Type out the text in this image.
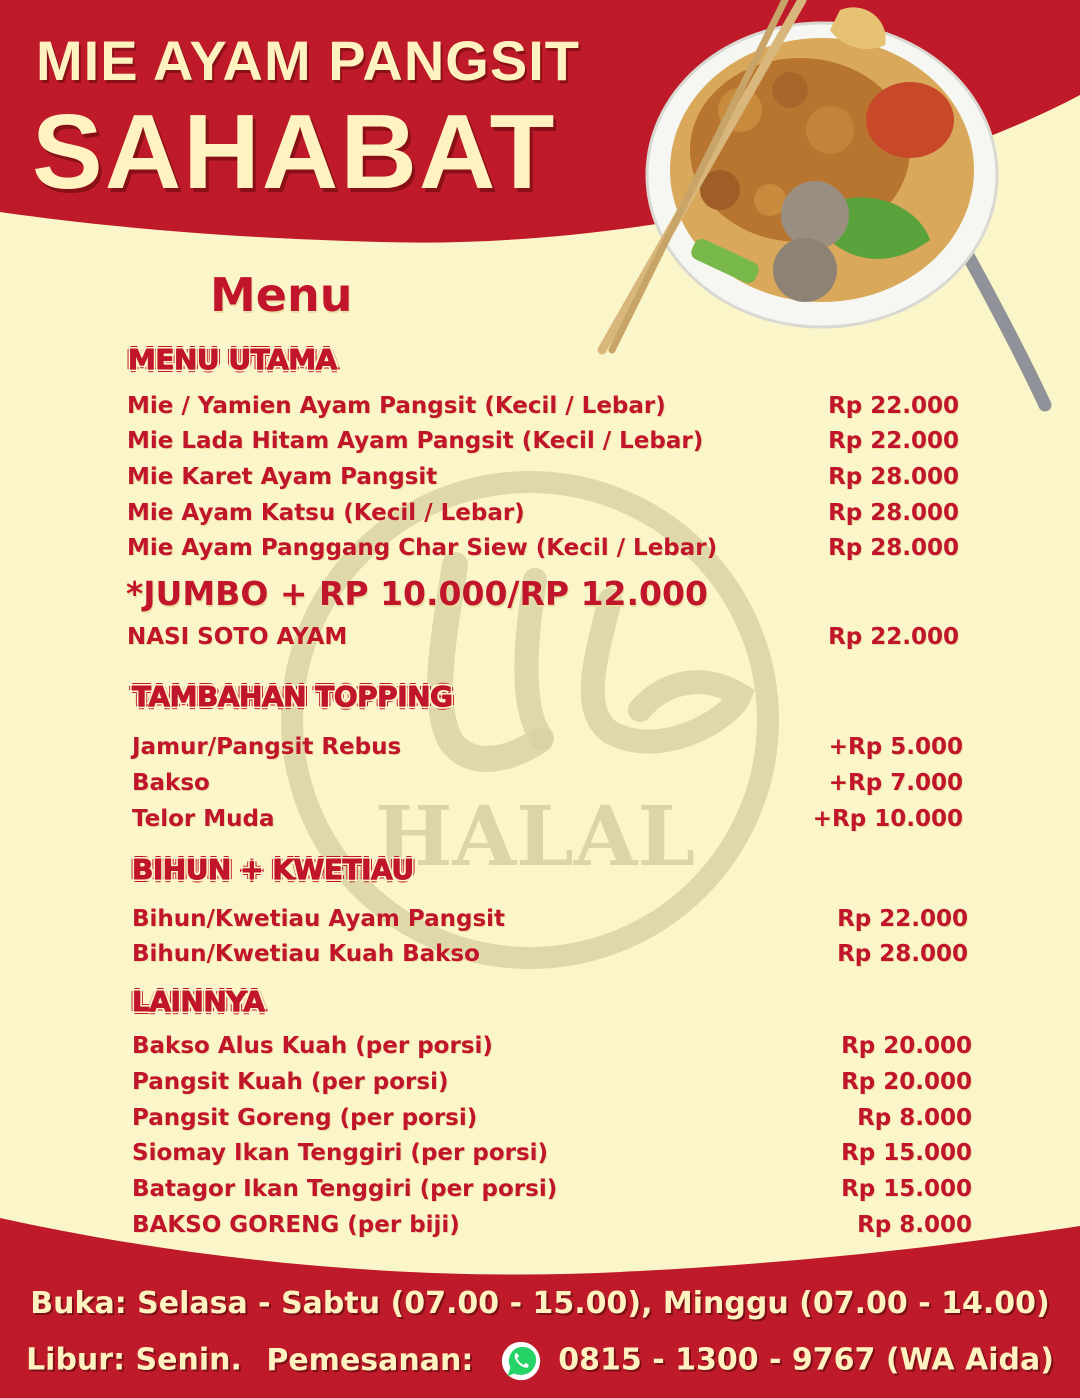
HALAL
MIE AYAM PANGSIT
SAHABAT
Menu
MENU UTAMA
Mie / Yamien Ayam Pangsit (Kecil / Lebar)	Rp 22.000
Mie Lada Hitam Ayam Pangsit (Kecil / Lebar)	Rp 22.000
Mie Karet Ayam Pangsit	Rp 28.000
Mie Ayam Katsu (Kecil / Lebar)	Rp 28.000
Mie Ayam Panggang Char Siew (Kecil / Lebar)	Rp 28.000
*JUMBO + RP 10.000/RP 12.000
NASI SOTO AYAM	Rp 22.000
TAMBAHAN TOPPING
Jamur/Pangsit Rebus	+Rp 5.000
Bakso	+Rp 7.000
Telor Muda	+Rp 10.000
BIHUN + KWETIAU
Bihun/Kwetiau Ayam Pangsit	Rp 22.000
Bihun/Kwetiau Kuah Bakso	Rp 28.000
LAINNYA
Bakso Alus Kuah (per porsi)	Rp 20.000
Pangsit Kuah (per porsi)	Rp 20.000
Pangsit Goreng (per porsi)	Rp 8.000
Siomay Ikan Tenggiri (per porsi)	Rp 15.000
Batagor Ikan Tenggiri (per porsi)	Rp 15.000
BAKSO GORENG (per biji)	Rp 8.000
Buka: Selasa - Sabtu (07.00 - 15.00), Minggu (07.00 - 14.00)
Libur: Senin. Pemesanan:	0815 - 1300 - 9767 (WA Aida)
